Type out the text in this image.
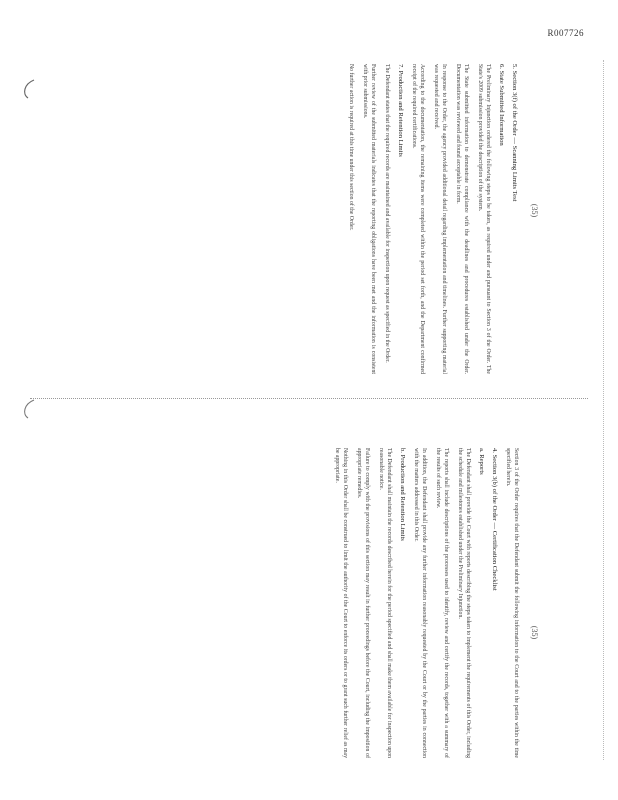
R007726
(35)
(35)
5. Section 3(f) of the Order — Scanning Limits Test
6. State Submitted Information

The Preliminary Injunction ordered the following steps to be taken, as required under and pursuant to Section 3 of the Order. The State's 2009 submission provided the description of the system.

The State submitted information to demonstrate compliance with the deadlines and procedures established under the Order. Documentation was reviewed and found acceptable in form.

In response to the Order, the agency provided additional detail regarding implementation and timelines. Further supporting material was requested and received.

According to the documentation, the remaining items were completed within the period set forth, and the Department confirmed receipt of the required certifications.

7. Production and Retention Limits

The Defendant states that the required records are maintained and available for inspection upon request as specified in the Order.

Further review of the submitted materials indicates that the reporting obligations have been met and the information is consistent with prior submissions.

No further action is required at this time under this section of the Order.

Section 3 of the Order requires that the Defendant submit the following information to the Court and to the parties within the time specified herein.

4. Section 3(b) of the Order — Certification Checklist
a. Reports

The Defendant shall provide the Court with reports describing the steps taken to implement the requirements of this Order, including the schedule and milestones established under the Preliminary Injunction.

The reports shall include descriptions of the processes used to identify, review and certify the records, together with a summary of the results of such review.

In addition, the Defendant shall provide any further information reasonably requested by the Court or by the parties in connection with the matters addressed in this Order.

b. Production and Retention Limits

The Defendant shall maintain the records described herein for the period specified and shall make them available for inspection upon reasonable notice.

Failure to comply with the provisions of this section may result in further proceedings before the Court, including the imposition of appropriate remedies.

Nothing in this Order shall be construed to limit the authority of the Court to enforce its orders or to grant such further relief as may be appropriate.
